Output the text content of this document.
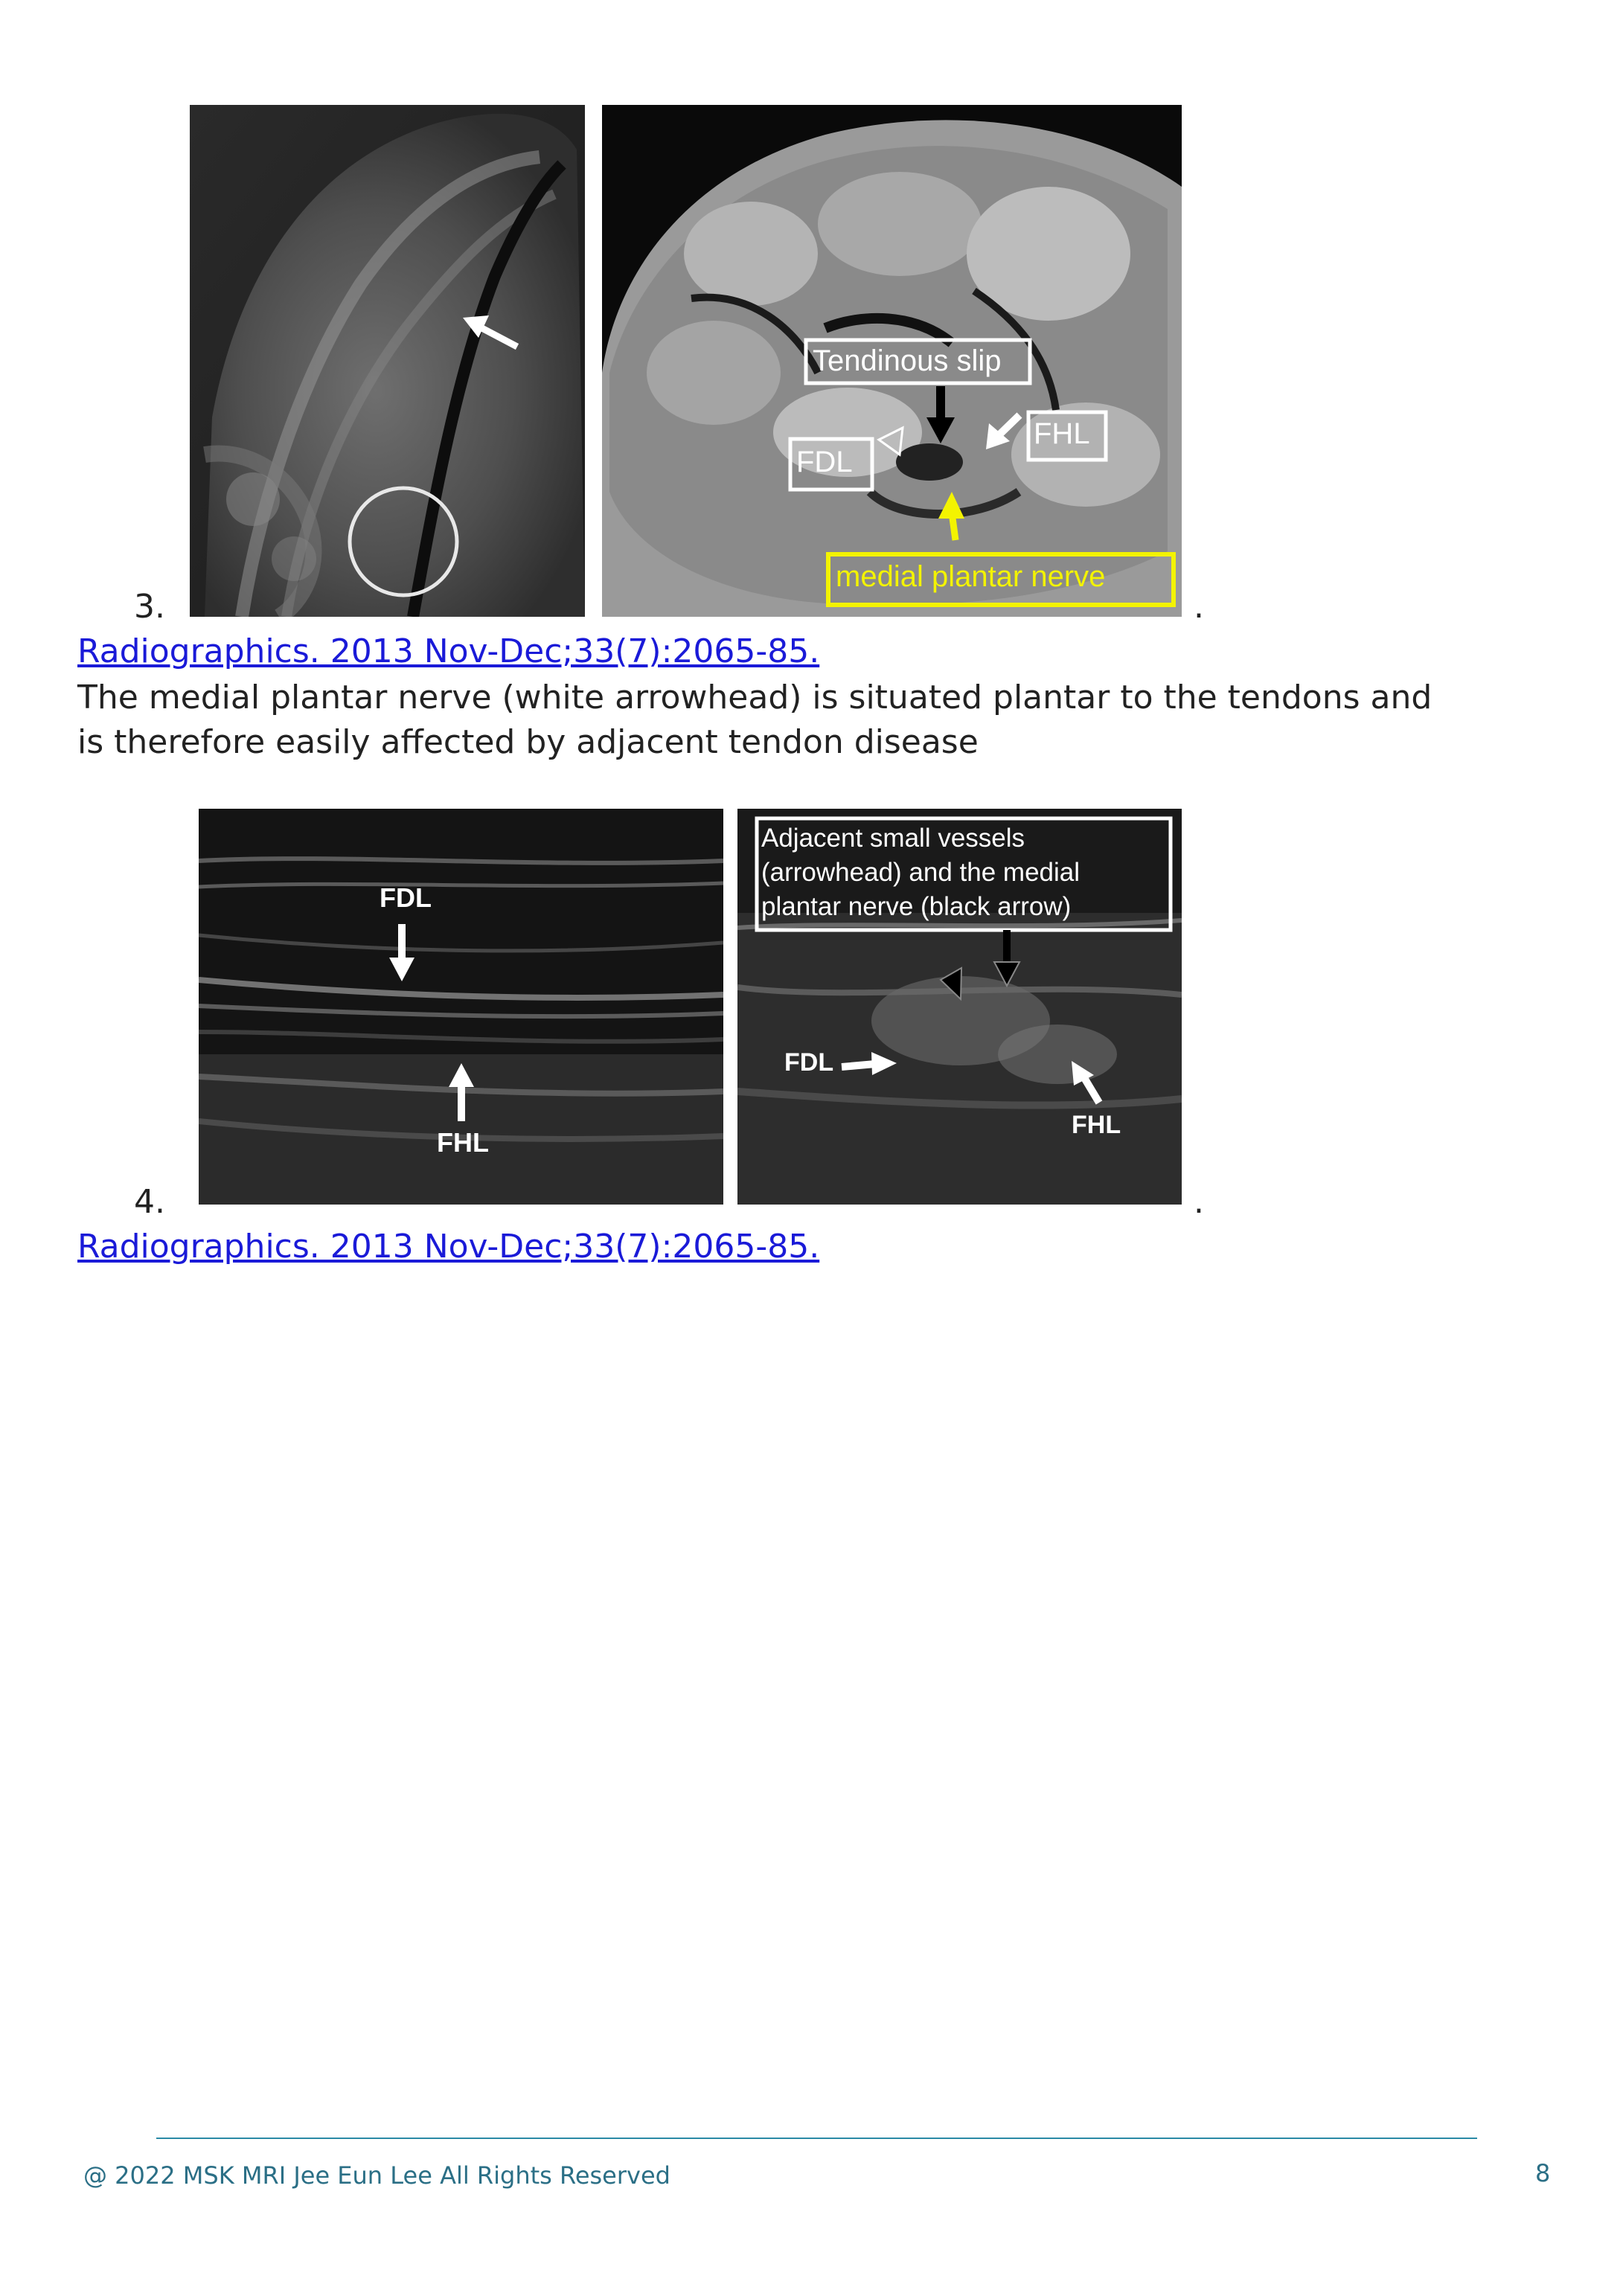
Tendinous slip
FHL
FDL
medial plantar nerve
3.	.
Radiographics. 2013 Nov-Dec;33(7):2065-85.
The medial plantar nerve (white arrowhead) is situated plantar to the tendons and
is therefore easily affected by adjacent tendon disease
FDL
FHL
Adjacent small vessels
(arrowhead) and the medial
plantar nerve (black arrow)
FDL
FHL
4.	.
Radiographics. 2013 Nov-Dec;33(7):2065-85.
@ 2022 MSK MRI Jee Eun Lee All Rights Reserved	8
